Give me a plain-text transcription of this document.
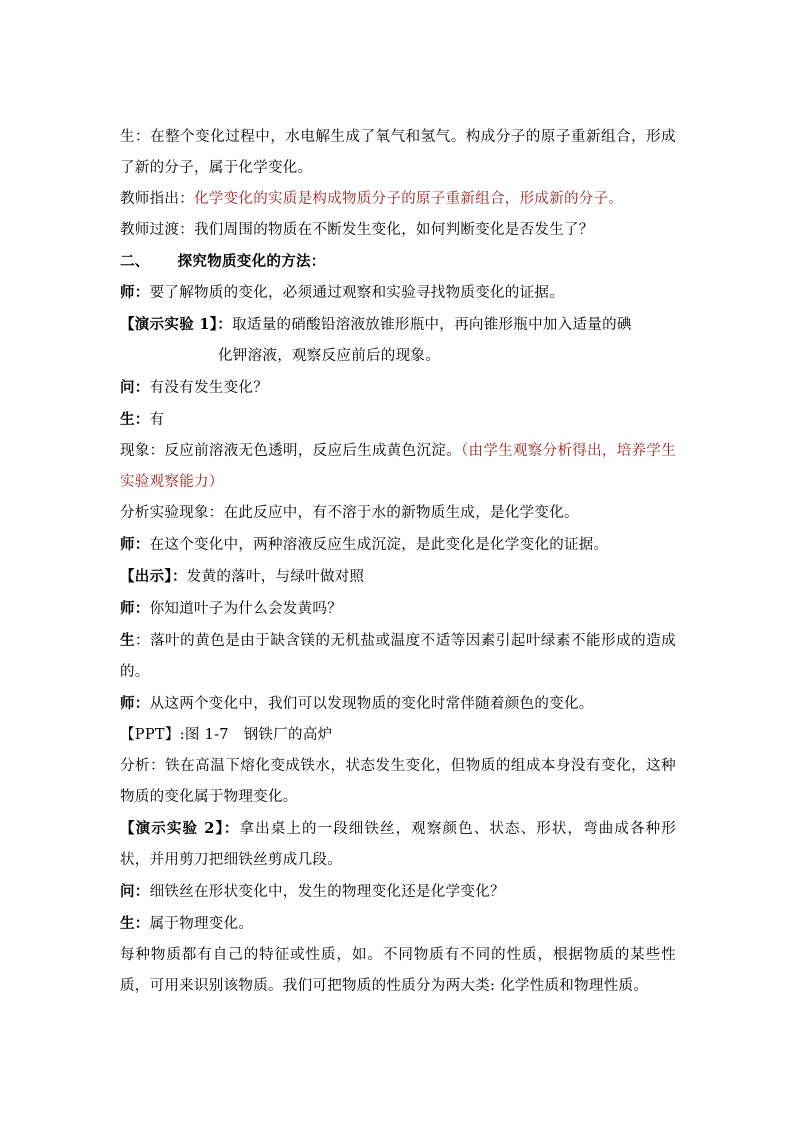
生：在整个变化过程中，水电解生成了氧气和氢气。构成分子的原子重新组合，形成了新的分子，属于化学变化。

教师指出：化学变化的实质是构成物质分子的原子重新组合，形成新的分子。

教师过渡：我们周围的物质在不断发生变化，如何判断变化是否发生了？

二、 探究物质变化的方法：

师：要了解物质的变化，必须通过观察和实验寻找物质变化的证据。

【演示实验 1】：取适量的硝酸铅溶液放锥形瓶中，再向锥形瓶中加入适量的碘

化钾溶液，观察反应前后的现象。

问：有没有发生变化？

生：有

现象：反应前溶液无色透明，反应后生成黄色沉淀。（由学生观察分析得出，培养学生实验观察能力）

分析实验现象：在此反应中，有不溶于水的新物质生成，是化学变化。

师：在这个变化中，两种溶液反应生成沉淀，是此变化是化学变化的证据。

【出示】：发黄的落叶，与绿叶做对照

师：你知道叶子为什么会发黄吗？

生：落叶的黄色是由于缺含镁的无机盐或温度不适等因素引起叶绿素不能形成的造成的。

师：从这两个变化中，我们可以发现物质的变化时常伴随着颜色的变化。

【PPT】:图 1-7　钢铁厂的高炉

分析：铁在高温下熔化变成铁水，状态发生变化，但物质的组成本身没有变化，这种物质的变化属于物理变化。

【演示实验 2】：拿出桌上的一段细铁丝，观察颜色、状态、形状，弯曲成各种形状，并用剪刀把细铁丝剪成几段。

问：细铁丝在形状变化中，发生的物理变化还是化学变化？

生：属于物理变化。

每种物质都有自己的特征或性质，如。不同物质有不同的性质，根据物质的某些性质，可用来识别该物质。我们可把物质的性质分为两大类: 化学性质和物理性质。
